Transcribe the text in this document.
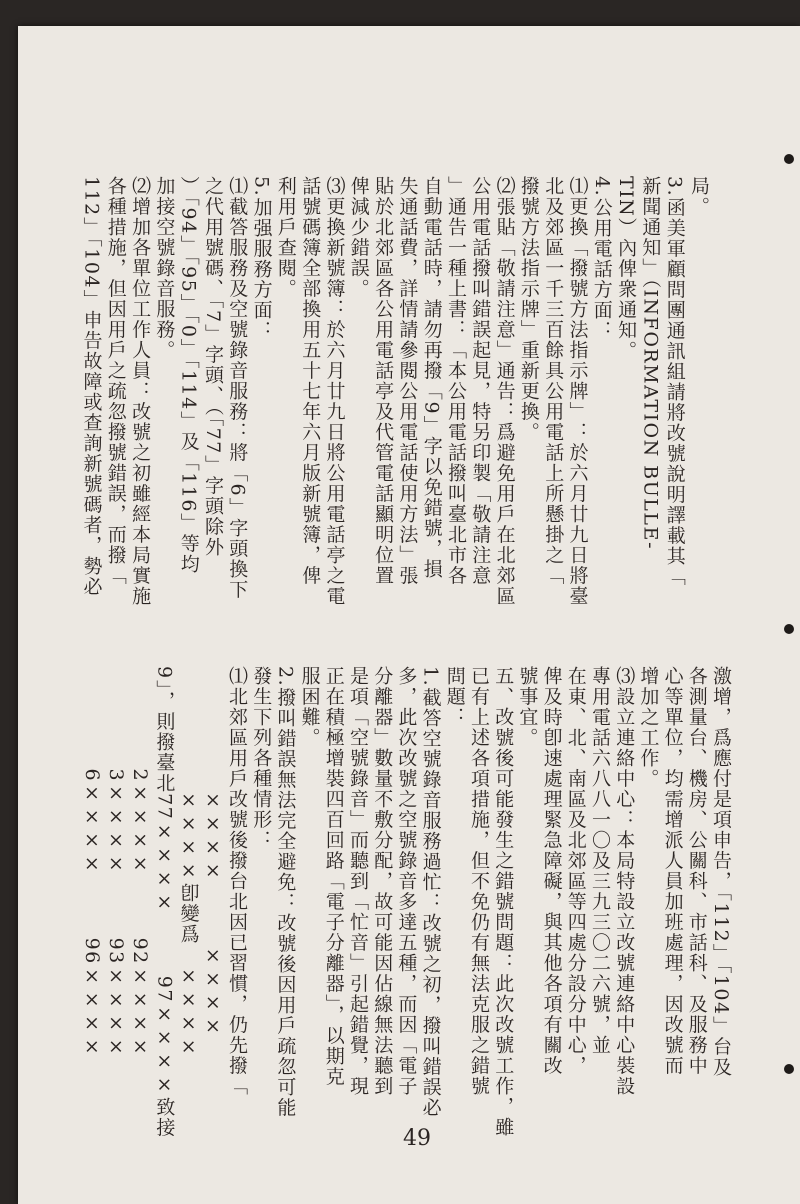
局。

3.函美軍顧問團通訊組請將改號說明譯載其「

新聞通知」（INFORMATION BULLE-

TIN）內俾衆通知。

4.公用電話方面：

⑴更換「撥號方法指示牌」：於六月廿九日將臺

北及郊區一千三百餘具公用電話上所懸掛之「

撥號方法指示牌」重新更換。

⑵張貼「敬請注意」通告：爲避免用戶在北郊區

公用電話撥叫錯誤起見，特另印製「敬請注意

」通告一種上書：「本公用電話撥叫臺北市各

自動電話時，請勿再撥「9」字以免錯號，損

失通話費，詳情請參閱公用電話使用方法」張

貼於北郊區各公用電話亭及代管電話顯明位置

俾減少錯誤。

⑶更換新號簿：於六月廿九日將公用電話亭之電

話號碼簿全部換用五十七年六月版新號簿，俾

利用戶查閱。

5.加强服務方面：

⑴截答服務及空號錄音服務：將「6」字頭換下

之代用號碼、「7」字頭、（「77」字頭除外

）「94」「95」「0」「114」及「116」等均

加接空號錄音服務。

⑵增加各單位工作人員：改號之初雖經本局實施

各種措施，但因用戶之疏忽撥號錯誤，而撥「

112」「104」申告故障或查詢新號碼者，勢必

激增，爲應付是項申告，「112」「104」台及

各測量台、機房、公關科、市話科、及服務中

心等單位，均需增派人員加班處理，因改號而

增加之工作。

⑶設立連絡中心：本局特設立改號連絡中心裝設

專用電話六八八一〇及三九三〇二六號，並

在東、北、南區及北郊區等四處分設分中心，

俾及時卽速處理緊急障礙，與其他各項有關改

號事宜。

五、改號後可能發生之錯號問題：此次改號工作，雖

已有上述各項措施，但不免仍有無法克服之錯號

問題：

1.截答空號錄音服務過忙：改號之初，撥叫錯誤必

多，此次改號之空號錄音多達五種，而因「電子

分離器」數量不敷分配，故可能因佔線無法聽到

是項「空號錄音」而聽到「忙音」引起錯覺，現

正在積極增裝四百回路「電子分離器」，以期克

服困難。

2.撥叫錯誤無法完全避免：改號後因用戶疏忽可能

發生下列各種情形：

⑴北郊區用戶改號後撥台北因已習慣，仍先撥「

　　　　　　××××　　　××××

　　　　　　××××卽變爲　××××

9」，則撥臺北77××××　　　97××××致接

　　　　　2××××　　　92××××

　　　　　3××××　　　93××××

　　　　　6××××　　　96××××

49
